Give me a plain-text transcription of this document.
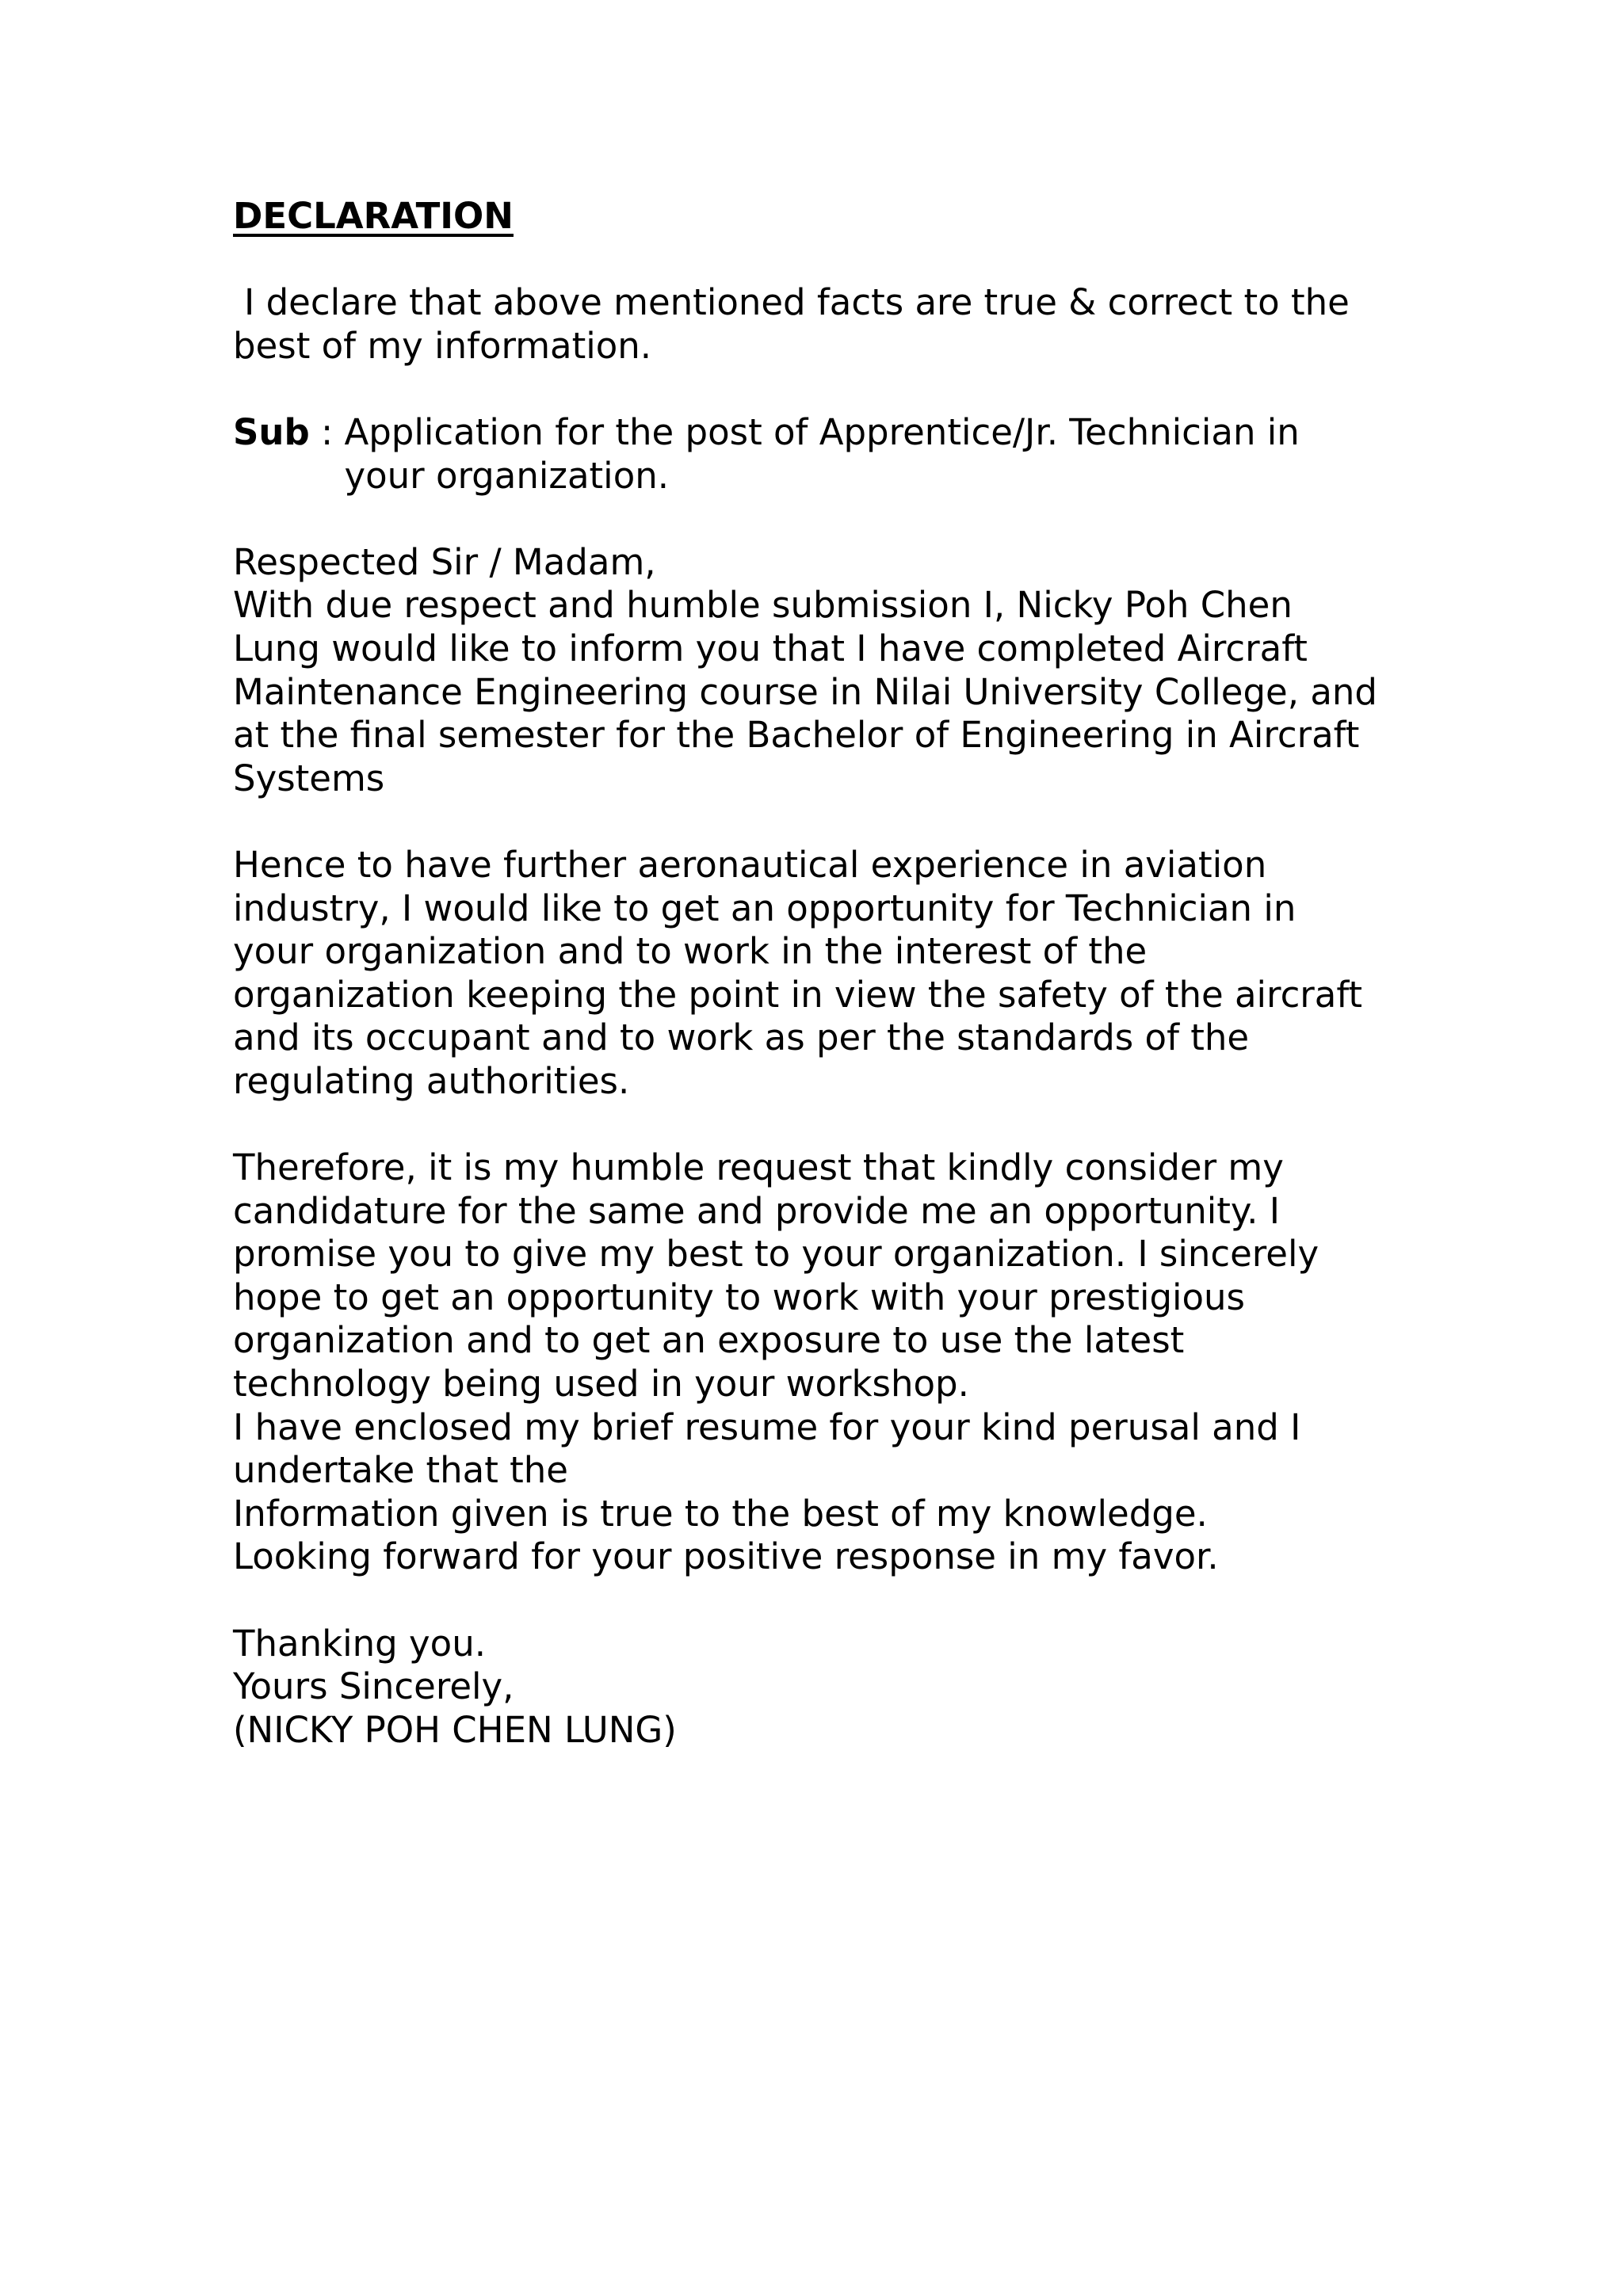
DECLARATION
I declare that above mentioned facts are true & correct to the
best of my information.
Sub : Application for the post of Apprentice/Jr. Technician in
your organization.
Respected Sir / Madam,
With due respect and humble submission I, Nicky Poh Chen
Lung would like to inform you that I have completed Aircraft
Maintenance Engineering course in Nilai University College, and
at the final semester for the Bachelor of Engineering in Aircraft
Systems
Hence to have further aeronautical experience in aviation
industry, I would like to get an opportunity for Technician in
your organization and to work in the interest of the
organization keeping the point in view the safety of the aircraft
and its occupant and to work as per the standards of the
regulating authorities.
Therefore, it is my humble request that kindly consider my
candidature for the same and provide me an opportunity. I
promise you to give my best to your organization. I sincerely
hope to get an opportunity to work with your prestigious
organization and to get an exposure to use the latest
technology being used in your workshop.
I have enclosed my brief resume for your kind perusal and I
undertake that the
Information given is true to the best of my knowledge.
Looking forward for your positive response in my favor.
Thanking you.
Yours Sincerely,
(NICKY POH CHEN LUNG)
